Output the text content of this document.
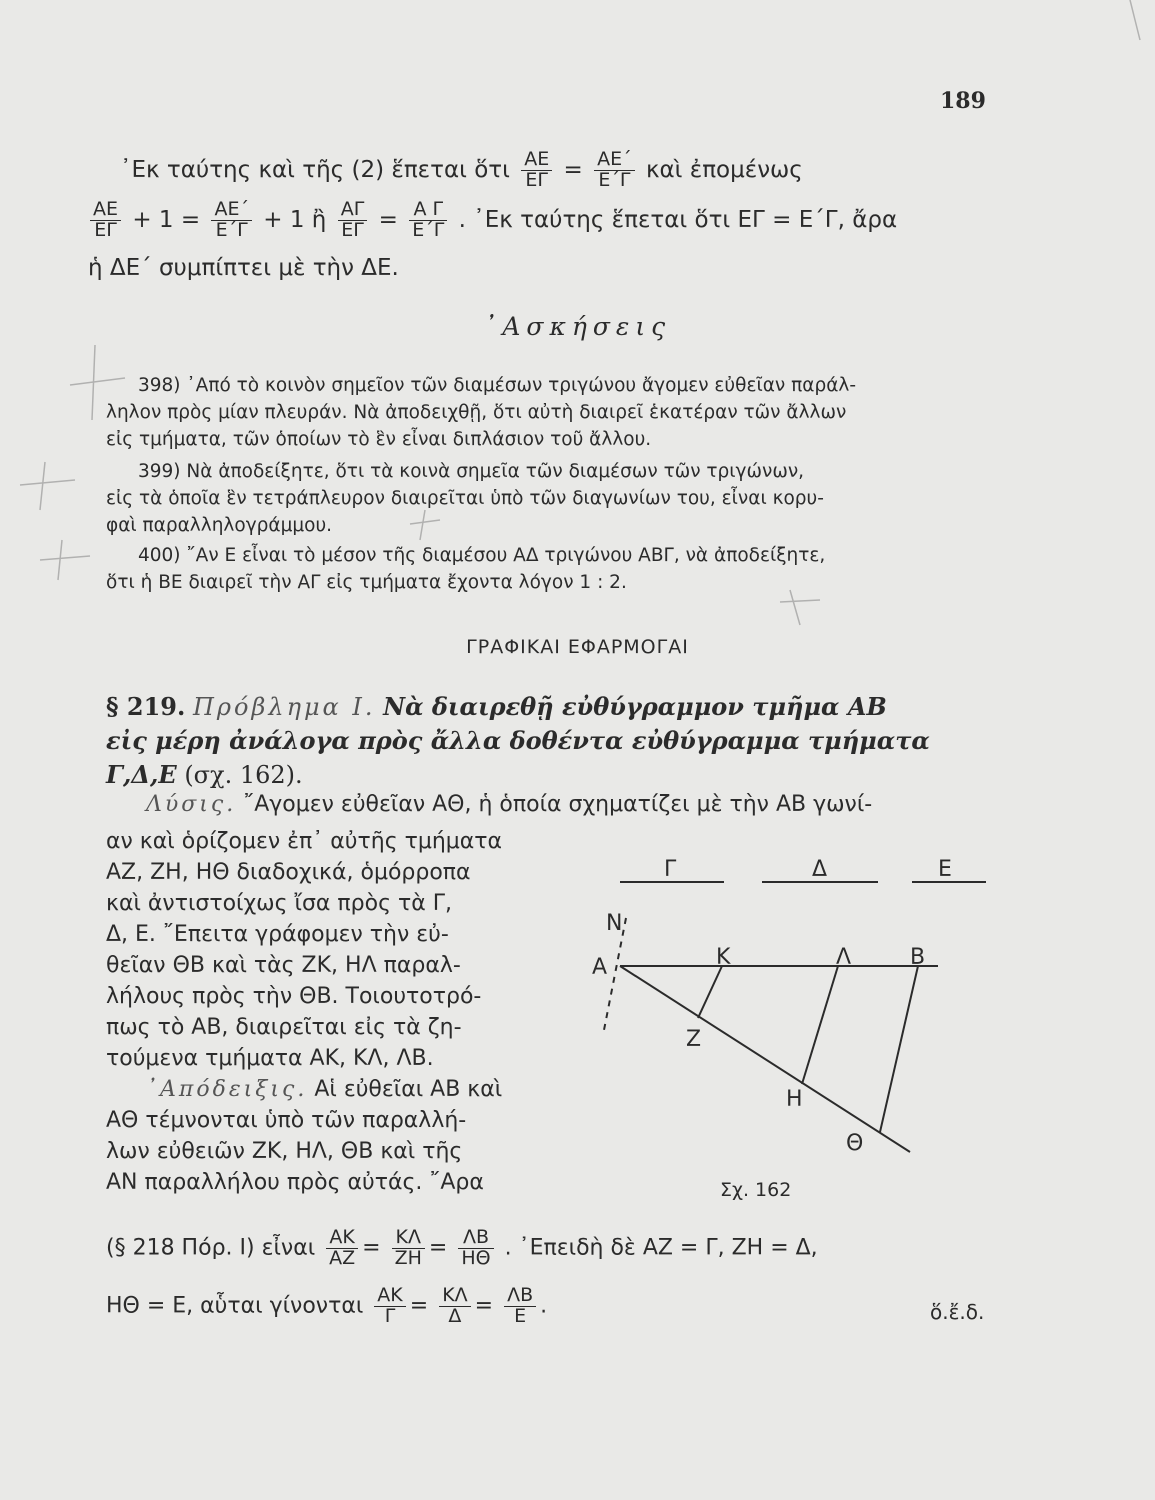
189
᾿Εκ ταύτης καὶ τῆς (2) ἕπεται ὅτι $\frac{AE}{E\Gamma} = \frac{AE΄}{E΄\Gamma}$ καὶ ἐπομένως
$\frac{AE}{E\Gamma} + 1 = \frac{AE΄}{E΄\Gamma} + 1$ ἢ $\frac{A\Gamma}{E\Gamma} = \frac{\text{Α Γ}}{E΄\Gamma}$ . ᾿Εκ ταύτης ἕπεται ὅτι ΕΓ = Ε΄Γ, ἄρα
ἡ ΔΕ΄ συμπίπτει μὲ τὴν ΔΕ.
᾿Ασκήσεις

398) ᾿Από τὸ κοινὸν σημεῖον τῶν διαμέσων τριγώνου ἄγομεν εὐθεῖαν παράλ-

ληλον πρὸς μίαν πλευράν. Νὰ ἀποδειχθῇ, ὅτι αὐτὴ διαιρεῖ ἑκατέραν τῶν ἄλλων
εἰς τμήματα, τῶν ὁποίων τὸ ἓν εἶναι διπλάσιον τοῦ ἄλλου.

399) Νὰ ἀποδείξητε, ὅτι τὰ κοινὰ σημεῖα τῶν διαμέσων τῶν τριγώνων,

εἰς τὰ ὁποῖα ἓν τετράπλευρον διαιρεῖται ὑπὸ τῶν διαγωνίων του, εἶναι κορυ-
φαὶ παραλληλογράμμου.

400) ῎Αν Ε εἶναι τὸ μέσον τῆς διαμέσου ΑΔ τριγώνου ΑΒΓ, νὰ ἀποδείξητε,

ὅτι ἡ ΒΕ διαιρεῖ τὴν ΑΓ εἰς τμήματα ἔχοντα λόγον 1 : 2.
ΓΡΑΦΙΚΑΙ ΕΦΑΡΜΟΓΑΙ
§ 219. Πρόβλημα Ι. Νὰ διαιρεθῇ εὐθύγραμμον τμῆμα ΑΒ
εἰς μέρη ἀνάλογα πρὸς ἄλλα δοθέντα εὐθύγραμμα τμήματα
Γ,Δ,Ε (σχ. 162).
Λύσις. ῎Αγομεν εὐθεῖαν ΑΘ, ἡ ὁποία σχηματίζει μὲ τὴν ΑΒ γωνί-
αν καὶ ὁρίζομεν ἐπ᾿ αὐτῆς τμήματα
ΑΖ, ΖΗ, ΗΘ διαδοχικά, ὁμόρροπα
καὶ ἀντιστοίχως ἴσα πρὸς τὰ Γ,
Δ, Ε. ῎Επειτα γράφομεν τὴν εὐ-
θεῖαν ΘΒ καὶ τὰς ΖΚ, ΗΛ παραλ-
λήλους πρὸς τὴν ΘΒ. Τοιουτοτρό-
πως τὸ ΑΒ, διαιρεῖται εἰς τὰ ζη-
τούμενα τμήματα ΑΚ, ΚΛ, ΛΒ.
᾿Απόδειξις. Αἱ εὐθεῖαι ΑΒ καὶ
ΑΘ τέμνονται ὑπὸ τῶν παραλλή-
λων εὐθειῶν ΖΚ, ΗΛ, ΘΒ καὶ τῆς
ΑΝ παραλλήλου πρὸς αὐτάς. ῎Αρα
(§ 218 Πόρ. Ι) εἶναι $\frac{AK}{AZ} = \frac{K\Lambda}{ZH} = \frac{\Lambda B}{H\Theta}$ . ᾿Επειδὴ δὲ ΑΖ = Γ, ΖΗ = Δ,
ΗΘ = Ε, αὗται γίνονται $\frac{AK}{\Gamma} = \frac{K\Lambda}{\Delta} = \frac{\Lambda B}{E}$ .	ὅ.ἔ.δ.
Γ	Δ	Ε
N
Α	Κ	Λ	Β
Ζ
Η
Θ
Σχ. 162
